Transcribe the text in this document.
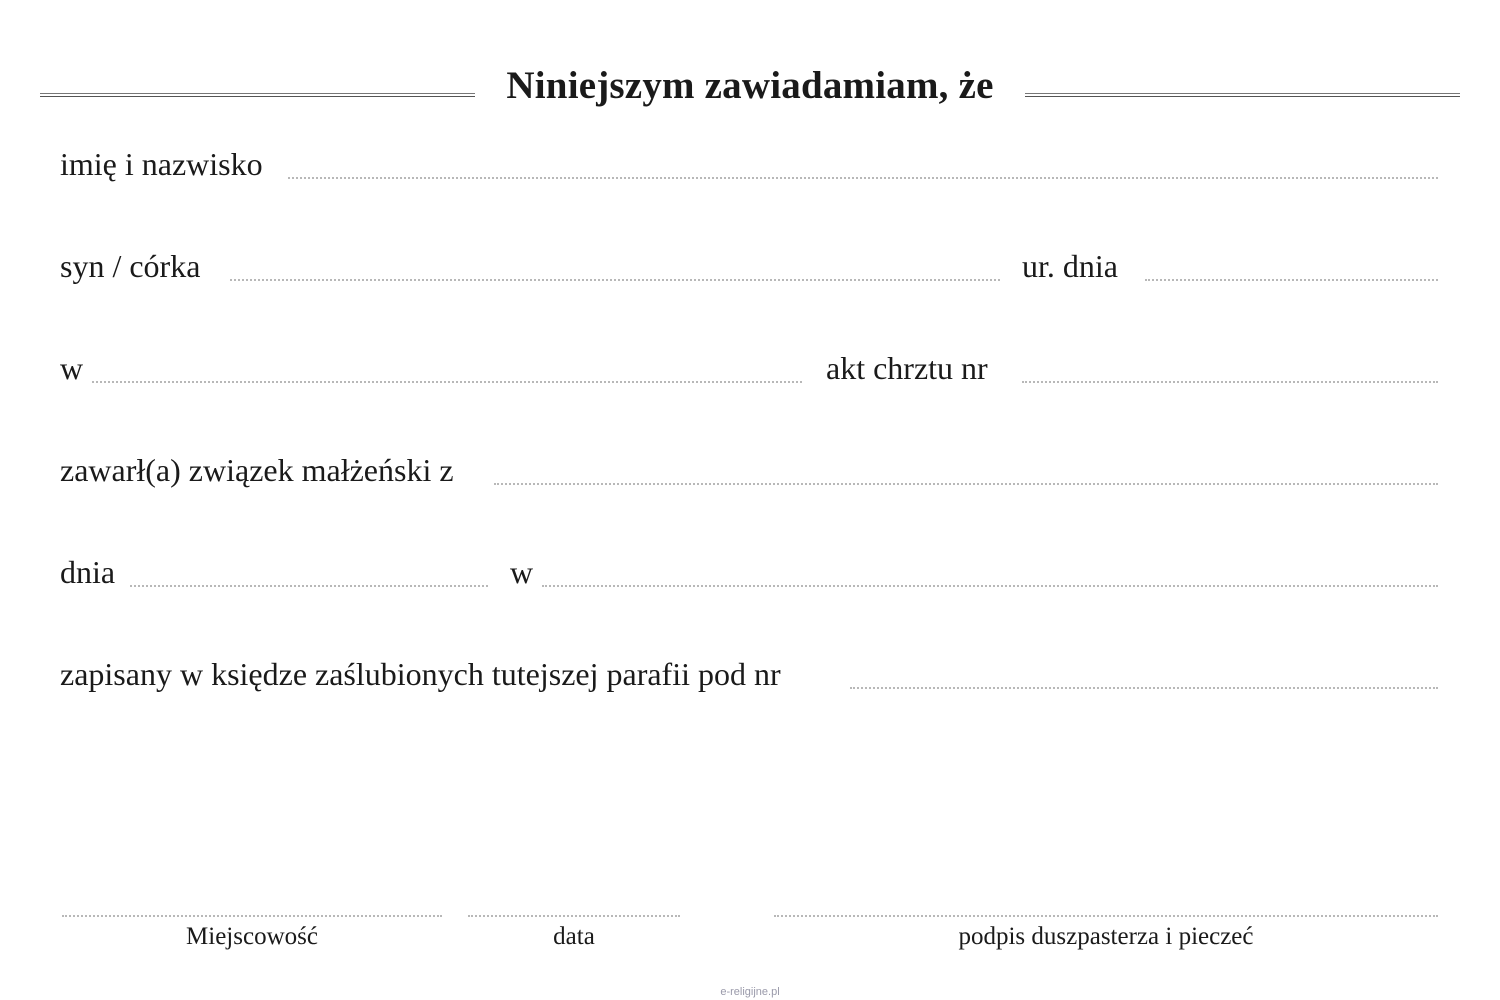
Niniejszym zawiadamiam, że
imię i nazwisko
syn / córka	ur. dnia
w	akt chrztu nr
zawarł(a) związek małżeński z
dnia	w
zapisany w księdze zaślubionych tutejszej parafii pod nr
Miejscowość	data	podpis duszpasterza i pieczeć
e-religijne.pl
